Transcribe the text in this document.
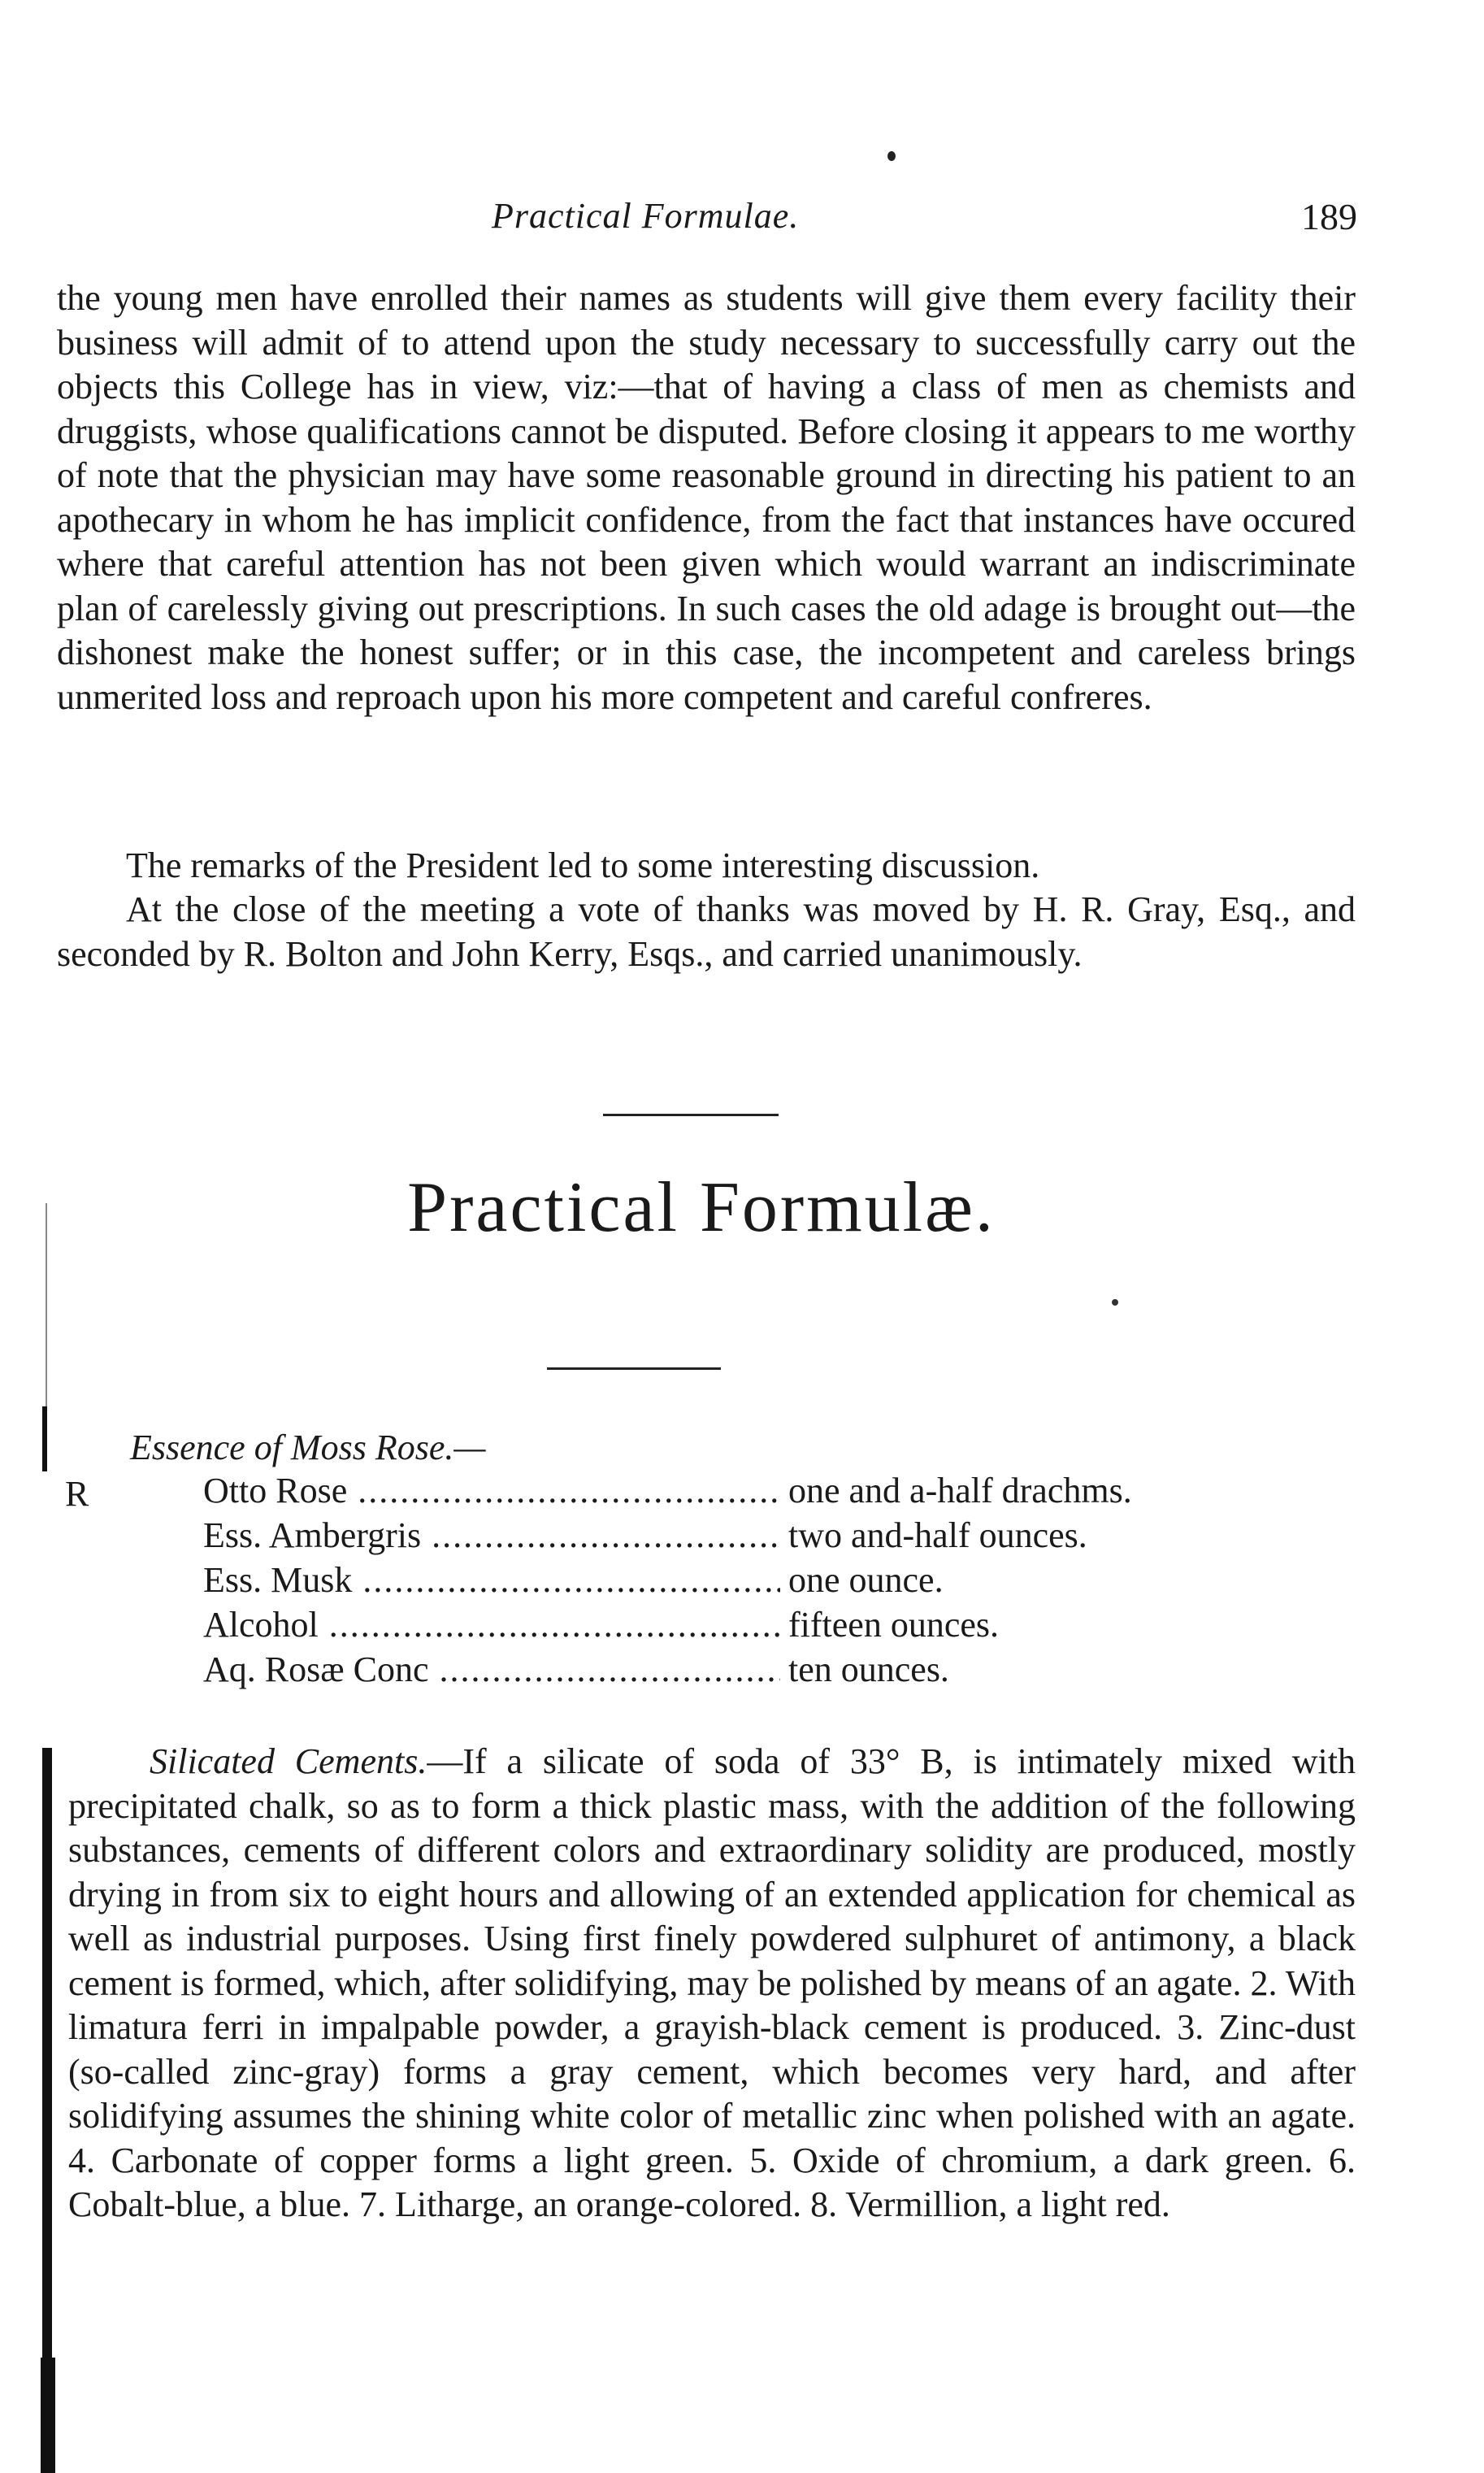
Practical Formulae.	189

the young men have enrolled their names as students will give them every facility their business will admit of to attend upon the study necessary to successfully carry out the objects this College has in view, viz:—that of having a class of men as chemists and druggists, whose qualifications cannot be disputed. Before closing it appears to me worthy of note that the physician may have some reasonable ground in directing his patient to an apothecary in whom he has implicit confidence, from the fact that instances have occured where that careful attention has not been given which would warrant an indiscriminate plan of carelessly giving out prescriptions. In such cases the old adage is brought out—the dishonest make the honest suffer; or in this case, the incompetent and careless brings unmerited loss and reproach upon his more competent and careful confreres.

The remarks of the President led to some interesting discussion.

At the close of the meeting a vote of thanks was moved by H. R. Gray, Esq., and seconded by R. Bolton and John Kerry, Esqs., and carried unanimously.

Practical Formulæ.
Essence of Moss Rose.—
R	Otto Rose .....	one and a-half drachms.
Ess. Ambergris .....	two and-half ounces.
Ess. Musk .....	one ounce.
Alcohol .....	fifteen ounces.
Aq. Rosæ Conc .....	ten ounces.

Silicated Cements.—If a silicate of soda of 33° B, is intimately mixed with precipitated chalk, so as to form a thick plastic mass, with the addition of the following substances, cements of different colors and extraordinary solidity are produced, mostly drying in from six to eight hours and allowing of an extended application for chemical as well as industrial purposes. Using first finely powdered sulphuret of antimony, a black cement is formed, which, after solidifying, may be polished by means of an agate. 2. With limatura ferri in impalpable powder, a grayish-black cement is produced. 3. Zinc-dust (so-called zinc-gray) forms a gray cement, which becomes very hard, and after solidifying assumes the shining white color of metallic zinc when polished with an agate. 4. Carbonate of copper forms a light green. 5. Oxide of chromium, a dark green. 6. Cobalt-blue, a blue. 7. Litharge, an orange-colored. 8. Vermillion, a light red.
